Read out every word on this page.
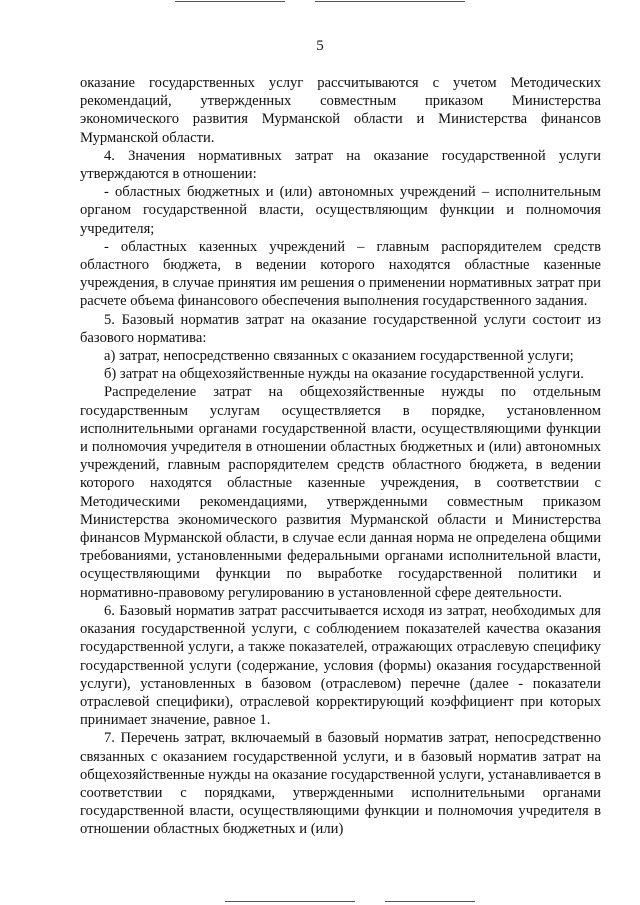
5

оказание государственных услуг рассчитываются с учетом Методических рекомендаций, утвержденных совместным приказом Министерства экономического развития Мурманской области и Министерства финансов Мурманской области.

4. Значения нормативных затрат на оказание государственной услуги утверждаются в отношении:

- областных бюджетных и (или) автономных учреждений – исполнительным органом государственной власти, осуществляющим функции и полномочия учредителя;

- областных казенных учреждений – главным распорядителем средств областного бюджета, в ведении которого находятся областные казенные учреждения, в случае принятия им решения о применении нормативных затрат при расчете объема финансового обеспечения выполнения государственного задания.

5. Базовый норматив затрат на оказание государственной услуги состоит из базового норматива:

а) затрат, непосредственно связанных с оказанием государственной услуги;

б) затрат на общехозяйственные нужды на оказание государственной услуги.

Распределение затрат на общехозяйственные нужды по отдельным государственным услугам осуществляется в порядке, установленном исполнительными органами государственной власти, осуществляющими функции и полномочия учредителя в отношении областных бюджетных и (или) автономных учреждений, главным распорядителем средств областного бюджета, в ведении которого находятся областные казенные учреждения, в соответствии с Методическими рекомендациями, утвержденными совместным приказом Министерства экономического развития Мурманской области и Министерства финансов Мурманской области, в случае если данная норма не определена общими требованиями, установленными федеральными органами исполнительной власти, осуществляющими функции по выработке государственной политики и нормативно-правовому регулированию в установленной сфере деятельности.

6. Базовый норматив затрат рассчитывается исходя из затрат, необходимых для оказания государственной услуги, с соблюдением показателей качества оказания государственной услуги, а также показателей, отражающих отраслевую специфику государственной услуги (содержание, условия (формы) оказания государственной услуги), установленных в базовом (отраслевом) перечне (далее - показатели отраслевой специфики), отраслевой корректирующий коэффициент при которых принимает значение, равное 1.

7. Перечень затрат, включаемый в базовый норматив затрат, непосредственно связанных с оказанием государственной услуги, и в базовый норматив затрат на общехозяйственные нужды на оказание государственной услуги, устанавливается в соответствии с порядками, утвержденными исполнительными органами государственной власти, осуществляющими функции и полномочия учредителя в отношении областных бюджетных и (или)
